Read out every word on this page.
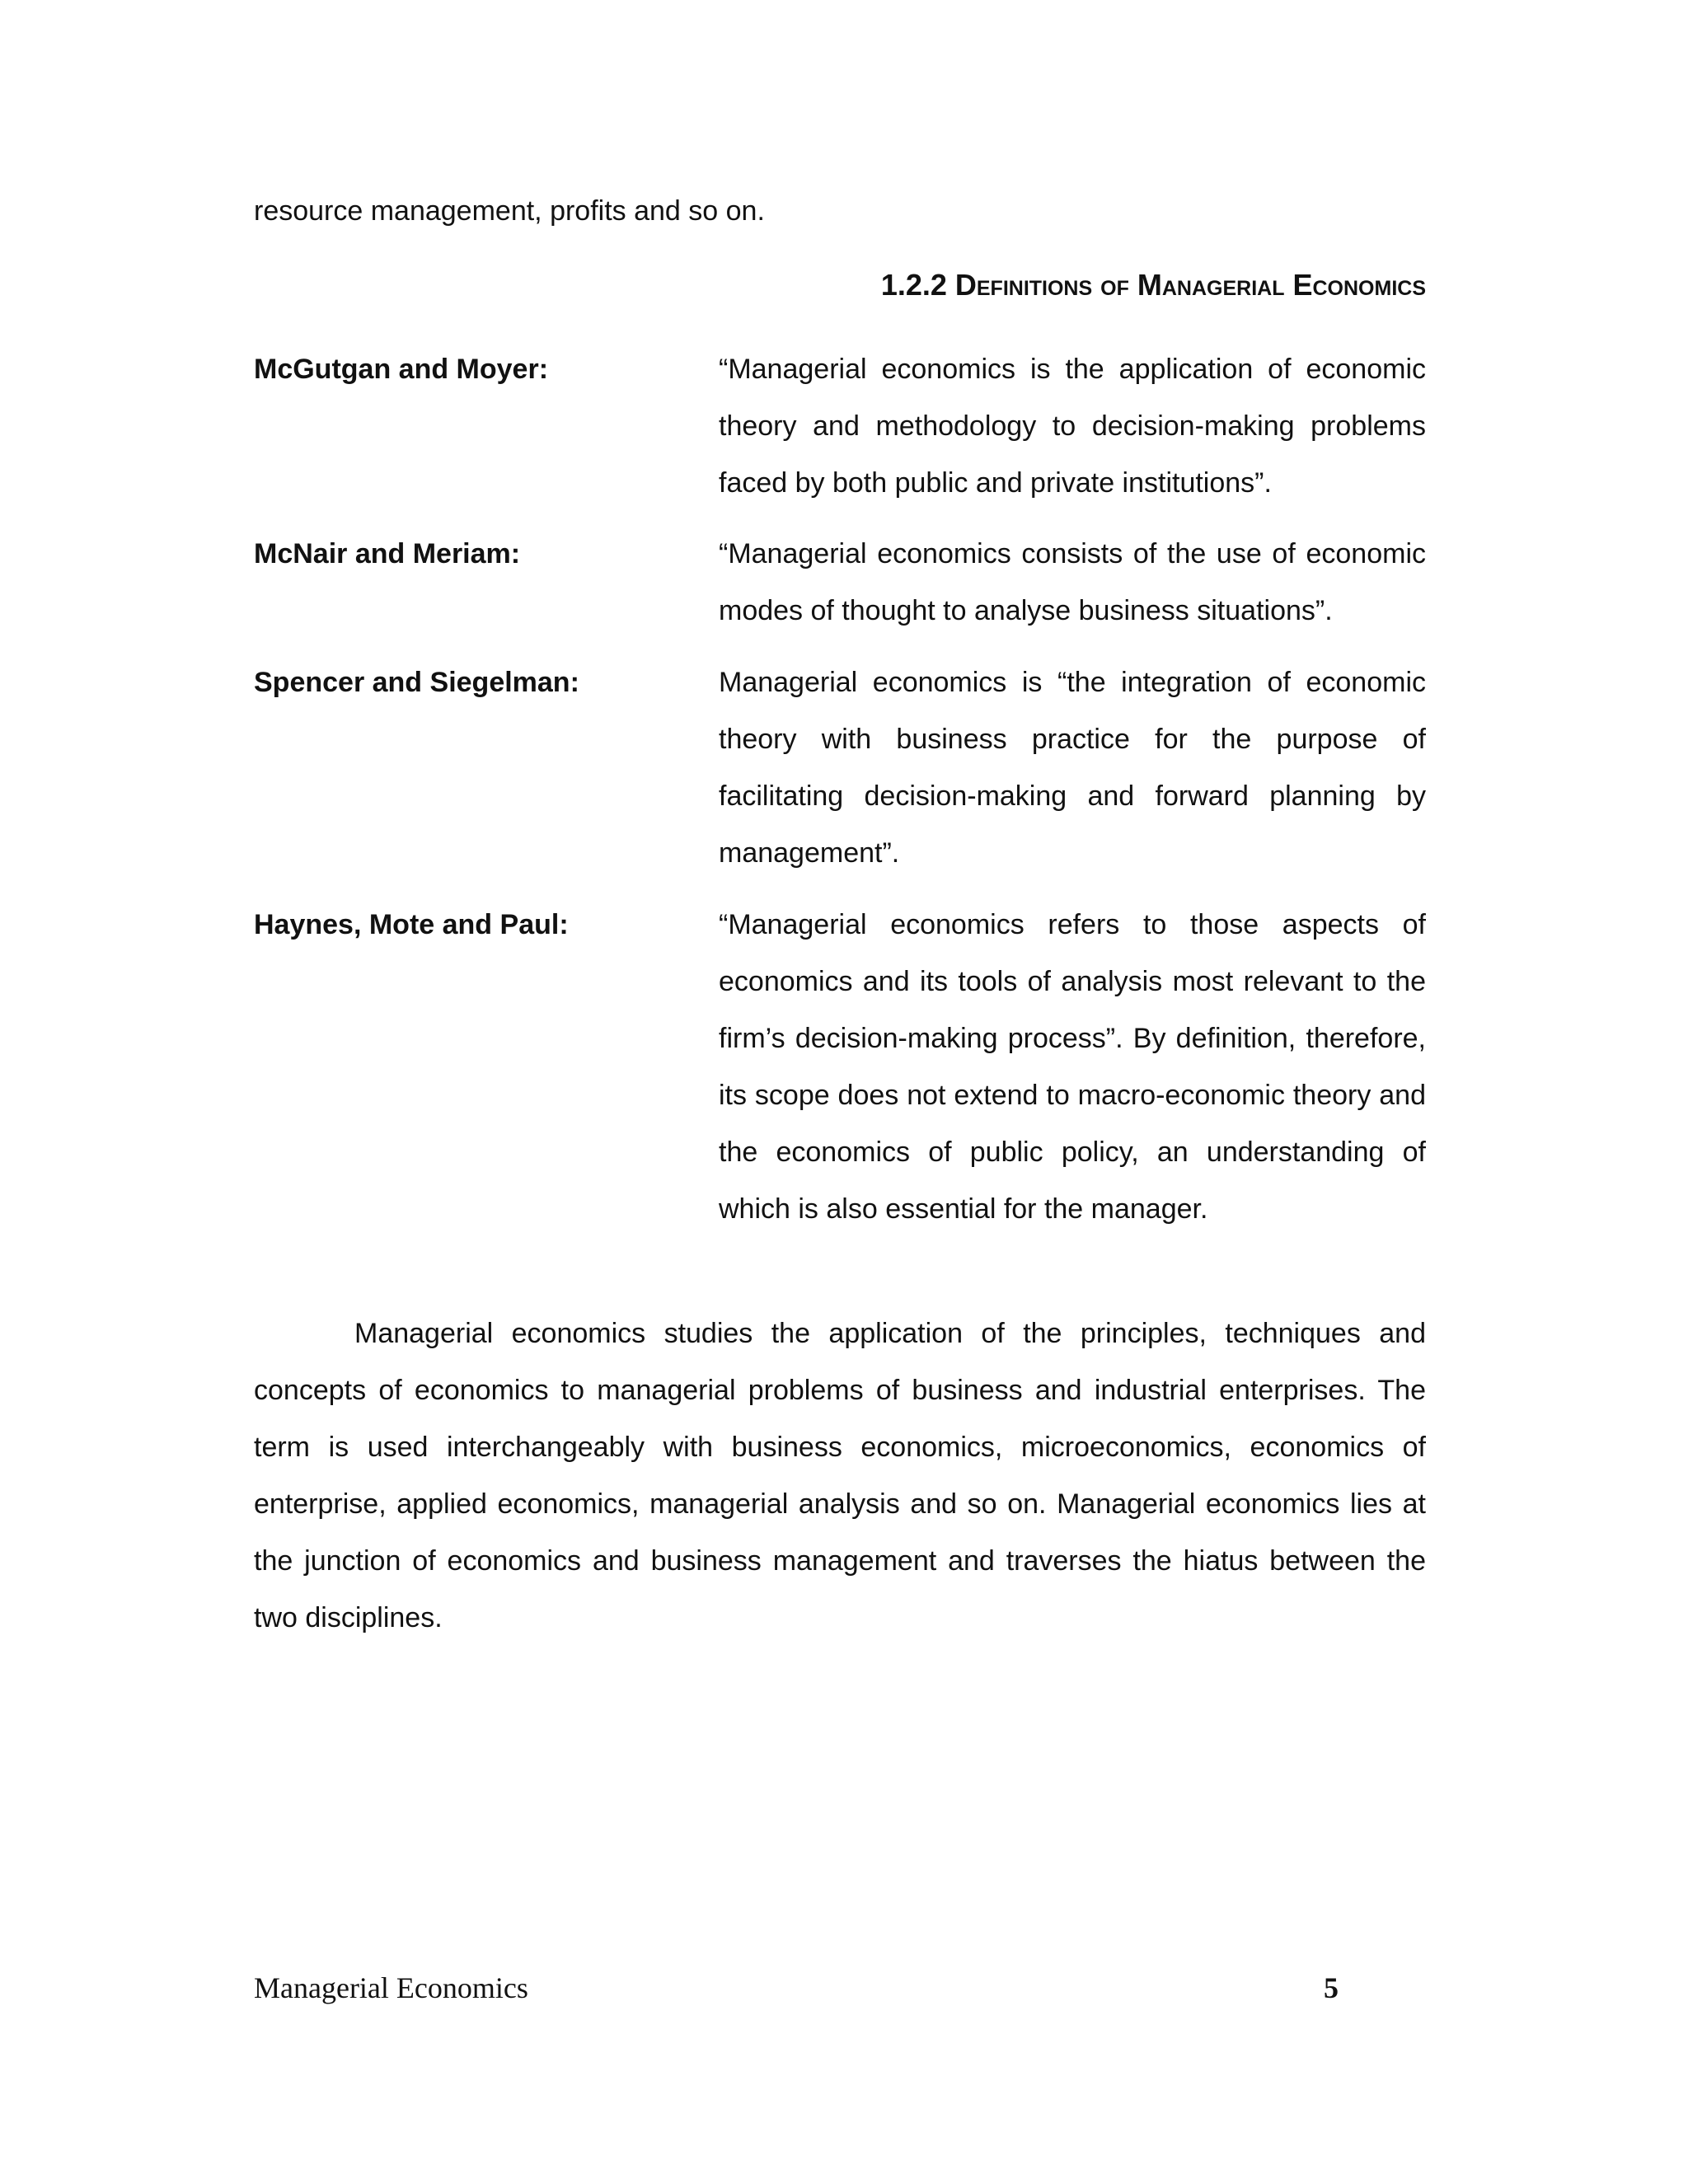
resource management, profits and so on.
1.2.2 Definitions of Managerial Economics
McGutgan and Moyer:	“Managerial economics is the application of economic theory and methodology to decision-making problems faced by both public and private institutions”.
McNair and Meriam:	“Managerial economics consists of the use of economic modes of thought to analyse business situations”.
Spencer and Siegelman:	Managerial economics is “the integration of economic theory with business practice for the purpose of facilitating decision-making and forward planning by management”.
Haynes, Mote and Paul:	“Managerial economics refers to those aspects of economics and its tools of analysis most relevant to the firm’s decision-making process”. By definition, therefore, its scope does not extend to macro-economic theory and the economics of public policy, an understanding of which is also essential for the manager.
Managerial economics studies the application of the principles, techniques and concepts of economics to managerial problems of business and industrial enterprises. The term is used interchangeably with business economics, microeconomics, economics of enterprise, applied economics, managerial analysis and so on. Managerial economics lies at the junction of economics and business management and traverses the hiatus between the two disciplines.
Managerial Economics	5
